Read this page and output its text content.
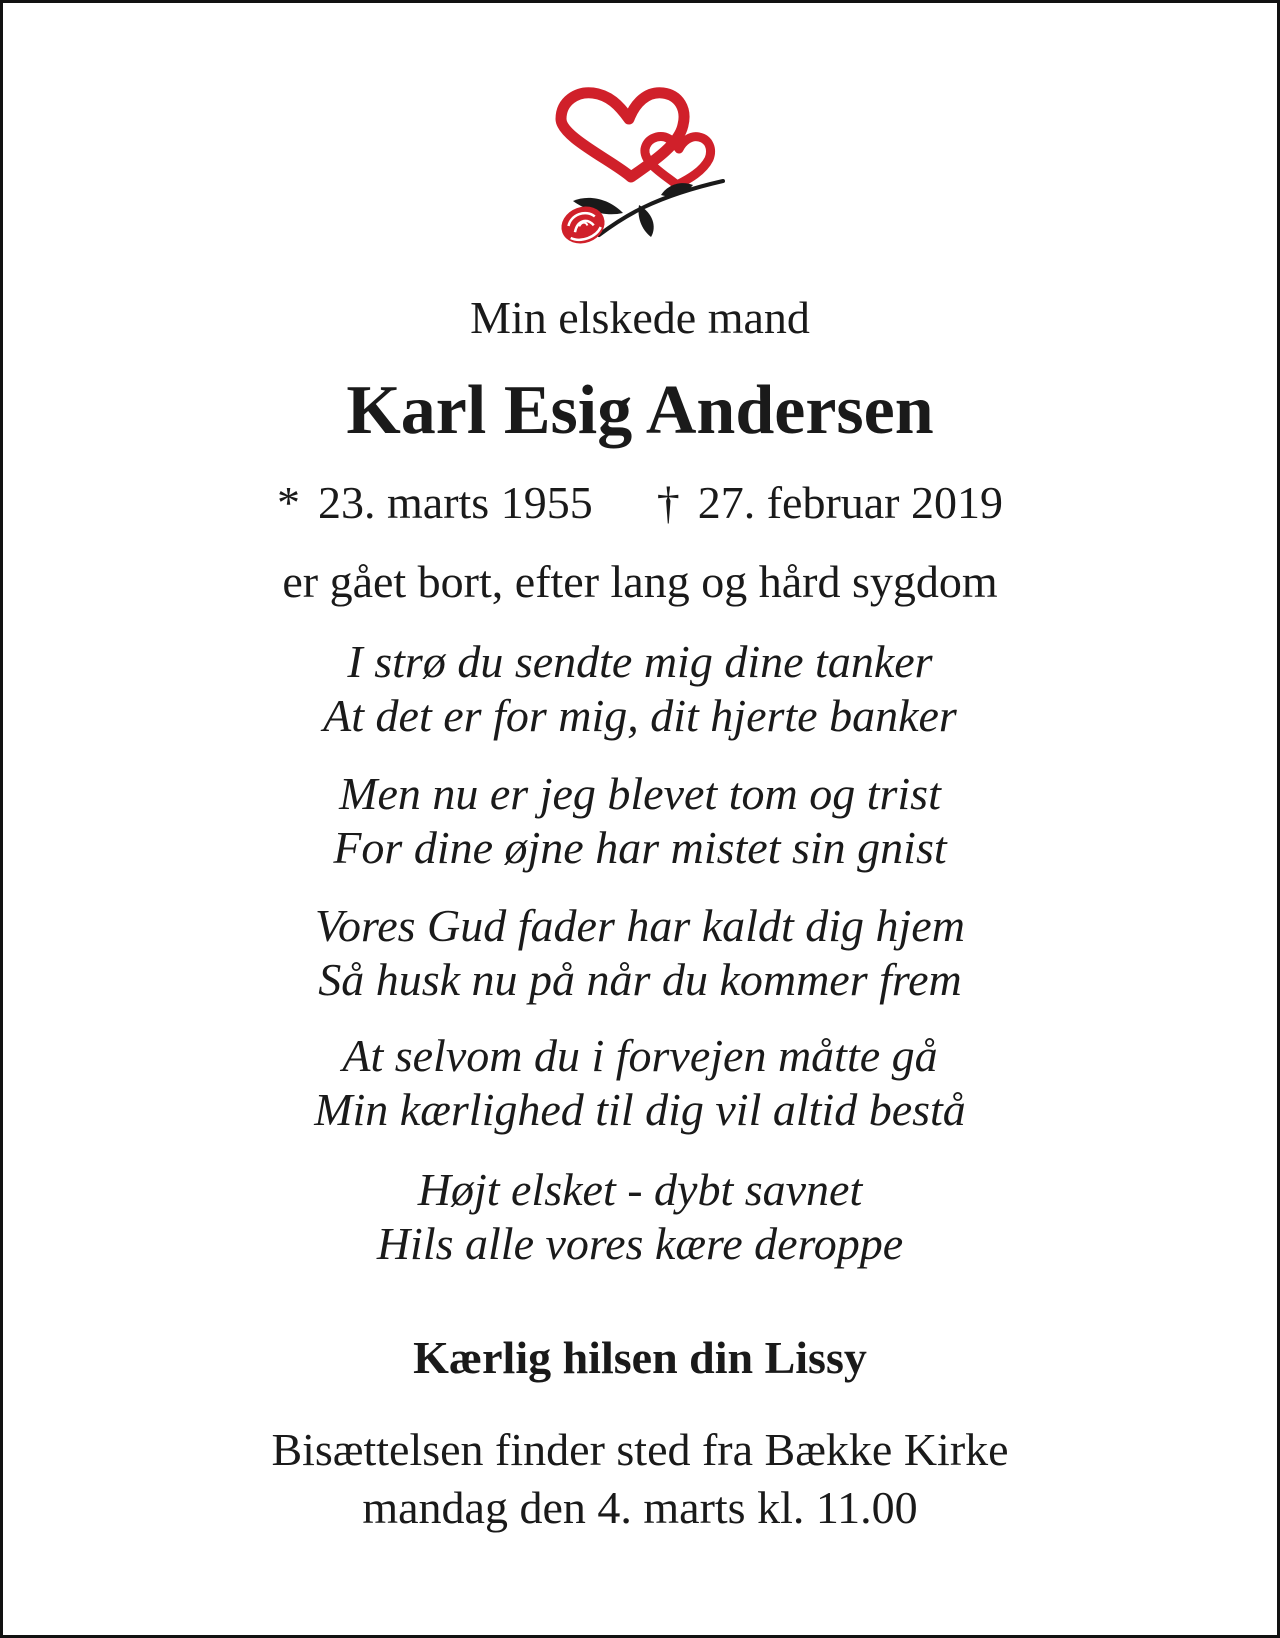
Min elskede mand

Karl Esig Andersen

* 23. marts 1955 † 27. februar 2019

er gået bort, efter lang og hård sygdom

I strø du sendte mig dine tanker

At det er for mig, dit hjerte banker

Men nu er jeg blevet tom og trist

For dine øjne har mistet sin gnist

Vores Gud fader har kaldt dig hjem

Så husk nu på når du kommer frem

At selvom du i forvejen måtte gå

Min kærlighed til dig vil altid bestå

Højt elsket - dybt savnet

Hils alle vores kære deroppe

Kærlig hilsen din Lissy

Bisættelsen finder sted fra Bække Kirke

mandag den 4. marts kl. 11.00
